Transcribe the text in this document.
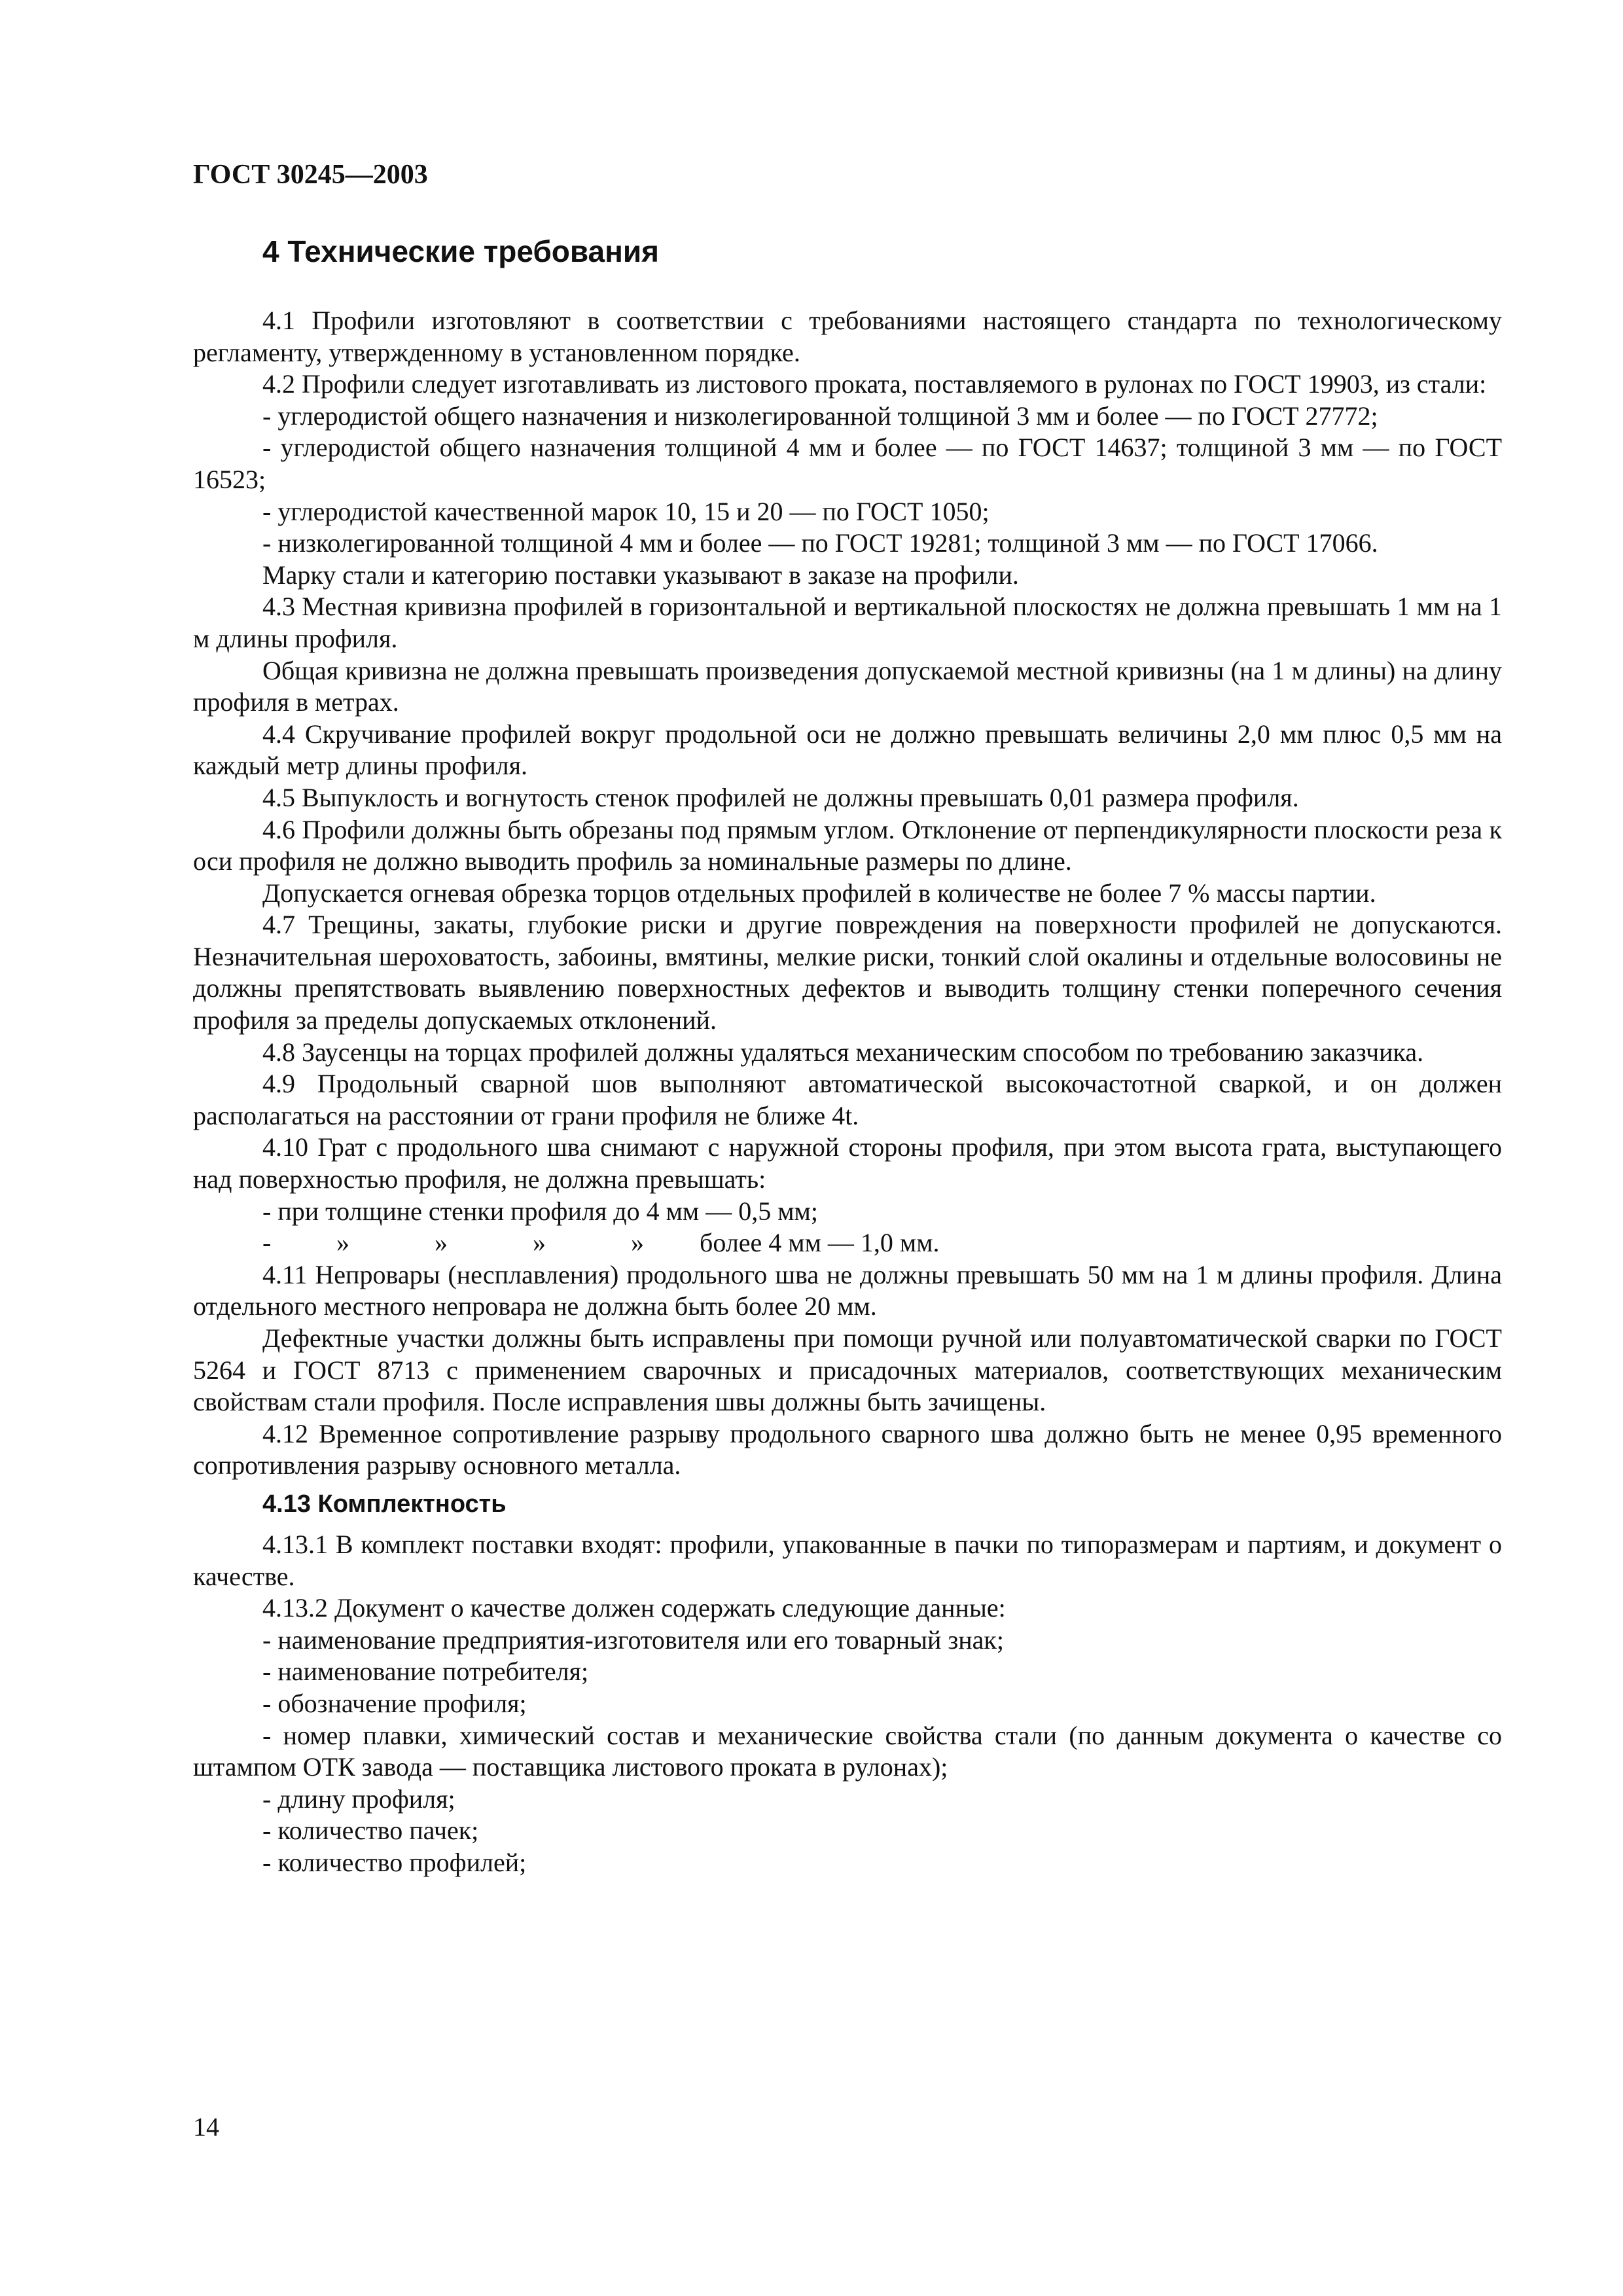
ГОСТ 30245—2003
4 Технические требования

4.1 Профили изготовляют в соответствии с требованиями настоящего стандарта по технологическому регламенту, утвержденному в установленном порядке.

4.2 Профили следует изготавливать из листового проката, поставляемого в рулонах по ГОСТ 19903, из стали:

- углеродистой общего назначения и низколегированной толщиной 3 мм и более — по ГОСТ 27772;

- углеродистой общего назначения толщиной 4 мм и более — по ГОСТ 14637; толщиной 3 мм — по ГОСТ 16523;

- углеродистой качественной марок 10, 15 и 20 — по ГОСТ 1050;

- низколегированной толщиной 4 мм и более — по ГОСТ 19281; толщиной 3 мм — по ГОСТ 17066.

Марку стали и категорию поставки указывают в заказе на профили.

4.3 Местная кривизна профилей в горизонтальной и вертикальной плоскостях не должна превышать 1 мм на 1 м длины профиля.

Общая кривизна не должна превышать произведения допускаемой местной кривизны (на 1 м длины) на длину профиля в метрах.

4.4 Скручивание профилей вокруг продольной оси не должно превышать величины 2,0 мм плюс 0,5 мм на каждый метр длины профиля.

4.5 Выпуклость и вогнутость стенок профилей не должны превышать 0,01 размера профиля.

4.6 Профили должны быть обрезаны под прямым углом. Отклонение от перпендикулярности плоскости реза к оси профиля не должно выводить профиль за номинальные размеры по длине.

Допускается огневая обрезка торцов отдельных профилей в количестве не более 7 % массы партии.

4.7 Трещины, закаты, глубокие риски и другие повреждения на поверхности профилей не допускаются. Незначительная шероховатость, забоины, вмятины, мелкие риски, тонкий слой окалины и отдельные волосовины не должны препятствовать выявлению поверхностных дефектов и выводить толщину стенки поперечного сечения профиля за пределы допускаемых отклонений.

4.8 Заусенцы на торцах профилей должны удаляться механическим способом по требованию заказчика.

4.9 Продольный сварной шов выполняют автоматической высокочастотной сваркой, и он должен располагаться на расстоянии от грани профиля не ближе 4t.

4.10 Грат с продольного шва снимают с наружной стороны профиля, при этом высота грата, выступающего над поверхностью профиля, не должна превышать:

- при толщине стенки профиля до 4 мм — 0,5 мм;

- »	»	»	» более 4 мм — 1,0 мм.

4.11 Непровары (несплавления) продольного шва не должны превышать 50 мм на 1 м длины профиля. Длина отдельного местного непровара не должна быть более 20 мм.

Дефектные участки должны быть исправлены при помощи ручной или полуавтоматической сварки по ГОСТ 5264 и ГОСТ 8713 с применением сварочных и присадочных материалов, соответствующих механическим свойствам стали профиля. После исправления швы должны быть зачищены.

4.12 Временное сопротивление разрыву продольного сварного шва должно быть не менее 0,95 временного сопротивления разрыву основного металла.

4.13 Комплектность

4.13.1 В комплект поставки входят: профили, упакованные в пачки по типоразмерам и партиям, и документ о качестве.

4.13.2 Документ о качестве должен содержать следующие данные:

- наименование предприятия-изготовителя или его товарный знак;

- наименование потребителя;

- обозначение профиля;

- номер плавки, химический состав и механические свойства стали (по данным документа о качестве со штампом ОТК завода — поставщика листового проката в рулонах);

- длину профиля;

- количество пачек;

- количество профилей;

14
